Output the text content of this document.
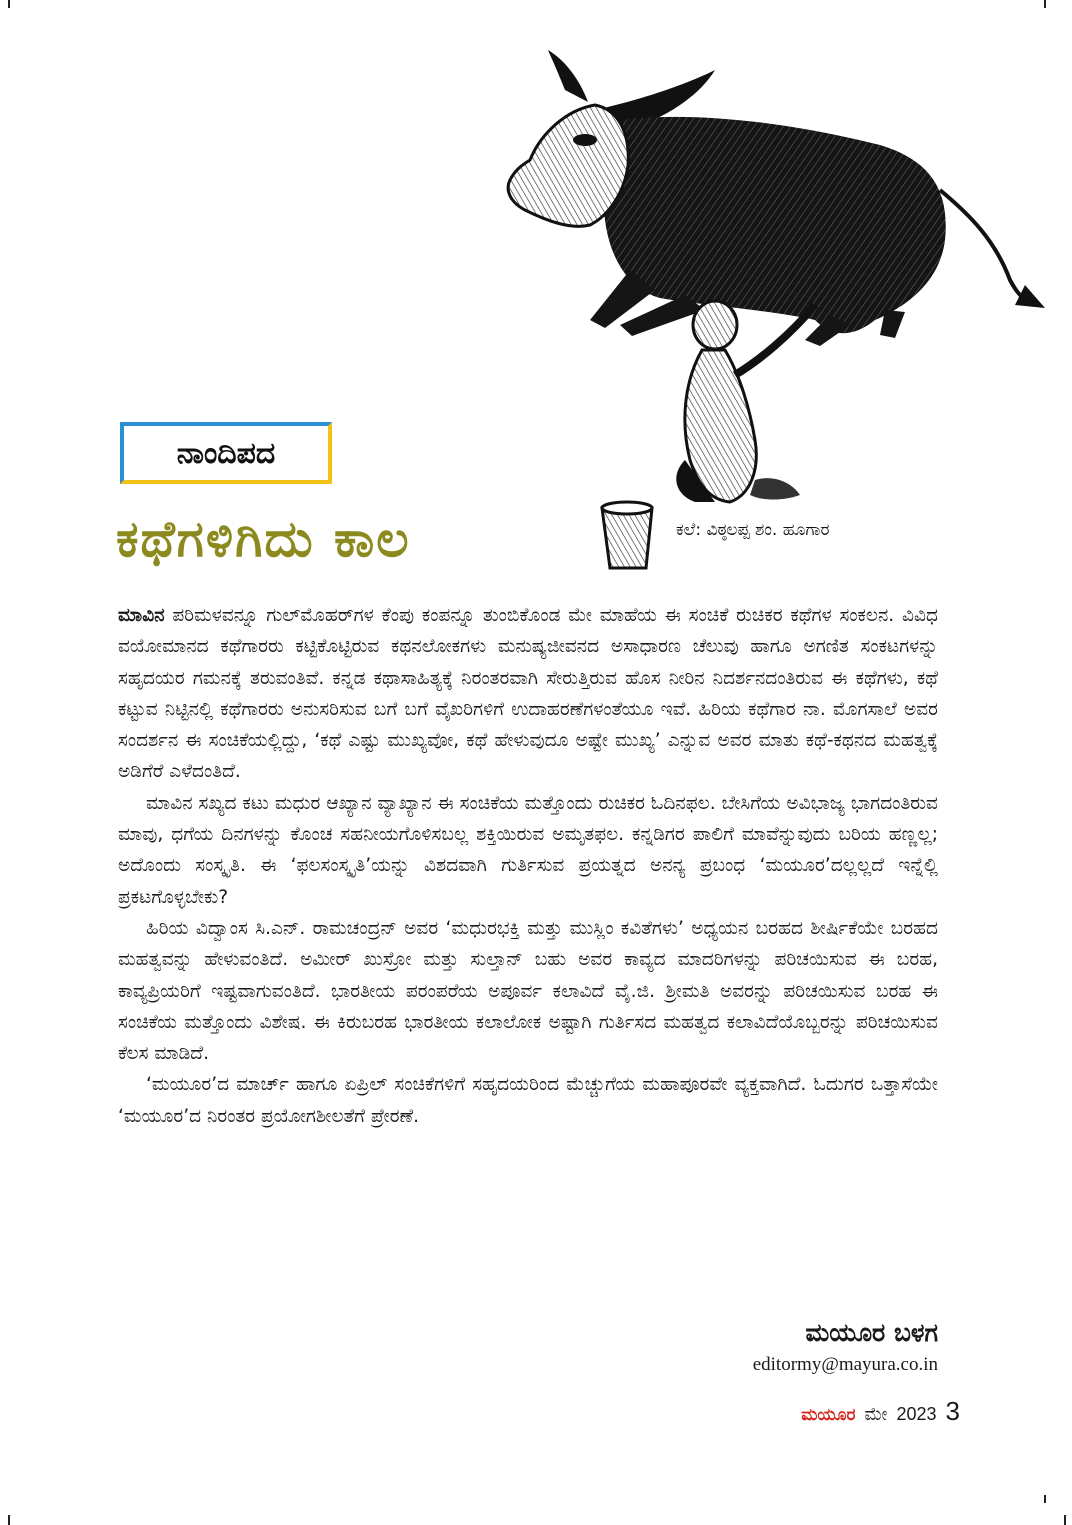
ಕಲೆ: ವಿಠ್ಠಲಪ್ಪ ಶಂ. ಹೂಗಾರ
ನಾಂದಿಪದ
ಕಥೆಗಳಿಗಿದು ಕಾಲ

ಮಾವಿನ ಪರಿಮಳವನ್ನೂ ಗುಲ್‌ಮೊಹರ್‌ಗಳ ಕೆಂಪು ಕಂಪನ್ನೂ ತುಂಬಿಕೊಂಡ ಮೇ ಮಾಹೆಯ ಈ ಸಂಚಿಕೆ ರುಚಿಕರ ಕಥೆಗಳ ಸಂಕಲನ. ವಿವಿಧ ವಯೋಮಾನದ ಕಥೆಗಾರರು ಕಟ್ಟಿಕೊಟ್ಟಿರುವ ಕಥನಲೋಕಗಳು ಮನುಷ್ಯಜೀವನದ ಅಸಾಧಾರಣ ಚೆಲುವು ಹಾಗೂ ಅಗಣಿತ ಸಂಕಟಗಳನ್ನು ಸಹೃದಯರ ಗಮನಕ್ಕೆ ತರುವಂತಿವೆ. ಕನ್ನಡ ಕಥಾಸಾಹಿತ್ಯಕ್ಕೆ ನಿರಂತರವಾಗಿ ಸೇರುತ್ತಿರುವ ಹೊಸ ನೀರಿನ ನಿದರ್ಶನದಂತಿರುವ ಈ ಕಥೆಗಳು, ಕಥೆ ಕಟ್ಟುವ ನಿಟ್ಟಿನಲ್ಲಿ ಕಥೆಗಾರರು ಅನುಸರಿಸುವ ಬಗೆ ಬಗೆ ವೈಖರಿಗಳಿಗೆ ಉದಾಹರಣೆಗಳಂತೆಯೂ ಇವೆ. ಹಿರಿಯ ಕಥೆಗಾರ ನಾ. ಮೊಗಸಾಲೆ ಅವರ ಸಂದರ್ಶನ ಈ ಸಂಚಿಕೆಯಲ್ಲಿದ್ದು, ‘ಕಥೆ ಎಷ್ಟು ಮುಖ್ಯವೋ, ಕಥೆ ಹೇಳುವುದೂ ಅಷ್ಟೇ ಮುಖ್ಯ’ ಎನ್ನುವ ಅವರ ಮಾತು ಕಥೆ-ಕಥನದ ಮಹತ್ವಕ್ಕೆ ಅಡಿಗೆರೆ ಎಳೆದಂತಿದೆ.

ಮಾವಿನ ಸಖ್ಯದ ಕಟು ಮಧುರ ಆಖ್ಯಾನ ವ್ಯಾಖ್ಯಾನ ಈ ಸಂಚಿಕೆಯ ಮತ್ತೊಂದು ರುಚಿಕರ ಓದಿನಫಲ. ಬೇಸಿಗೆಯ ಅವಿಭಾಜ್ಯ ಭಾಗದಂತಿರುವ ಮಾವು, ಧಗೆಯ ದಿನಗಳನ್ನು ಕೊಂಚ ಸಹನೀಯಗೊಳಿಸಬಲ್ಲ ಶಕ್ತಿಯಿರುವ ಅಮೃತಫಲ. ಕನ್ನಡಿಗರ ಪಾಲಿಗೆ ಮಾವೆನ್ನುವುದು ಬರಿಯ ಹಣ್ಣಲ್ಲ; ಅದೊಂದು ಸಂಸ್ಕೃತಿ. ಈ ‘ಫಲಸಂಸ್ಕೃತಿ’ಯನ್ನು ವಿಶದವಾಗಿ ಗುರ್ತಿಸುವ ಪ್ರಯತ್ನದ ಅನನ್ಯ ಪ್ರಬಂಧ ‘ಮಯೂರ’ದಲ್ಲಲ್ಲದೆ ಇನ್ನೆಲ್ಲಿ ಪ್ರಕಟಗೊಳ್ಳಬೇಕು?

ಹಿರಿಯ ವಿದ್ವಾಂಸ ಸಿ.ಎನ್. ರಾಮಚಂದ್ರನ್ ಅವರ ‘ಮಧುರಭಕ್ತಿ ಮತ್ತು ಮುಸ್ಲಿಂ ಕವಿತೆಗಳು’ ಅಧ್ಯಯನ ಬರಹದ ಶೀರ್ಷಿಕೆಯೇ ಬರಹದ ಮಹತ್ವವನ್ನು ಹೇಳುವಂತಿದೆ. ಅಮೀರ್ ಖುಸ್ರೋ ಮತ್ತು ಸುಲ್ತಾನ್ ಬಹು ಅವರ ಕಾವ್ಯದ ಮಾದರಿಗಳನ್ನು ಪರಿಚಯಿಸುವ ಈ ಬರಹ, ಕಾವ್ಯಪ್ರಿಯರಿಗೆ ಇಷ್ಟವಾಗುವಂತಿದೆ. ಭಾರತೀಯ ಪರಂಪರೆಯ ಅಪೂರ್ವ ಕಲಾವಿದೆ ವೈ.ಜಿ. ಶ್ರೀಮತಿ ಅವರನ್ನು ಪರಿಚಯಿಸುವ ಬರಹ ಈ ಸಂಚಿಕೆಯ ಮತ್ತೊಂದು ವಿಶೇಷ. ಈ ಕಿರುಬರಹ ಭಾರತೀಯ ಕಲಾಲೋಕ ಅಷ್ಟಾಗಿ ಗುರ್ತಿಸದ ಮಹತ್ವದ ಕಲಾವಿದೆಯೊಬ್ಬರನ್ನು ಪರಿಚಯಿಸುವ ಕೆಲಸ ಮಾಡಿದೆ.

‘ಮಯೂರ’ದ ಮಾರ್ಚ್ ಹಾಗೂ ಏಪ್ರಿಲ್ ಸಂಚಿಕೆಗಳಿಗೆ ಸಹೃದಯರಿಂದ ಮೆಚ್ಚುಗೆಯ ಮಹಾಪೂರವೇ ವ್ಯಕ್ತವಾಗಿದೆ. ಓದುಗರ ಒತ್ತಾಸೆಯೇ ‘ಮಯೂರ’ದ ನಿರಂತರ ಪ್ರಯೋಗಶೀಲತೆಗೆ ಪ್ರೇರಣೆ.

ಮಯೂರ ಬಳಗ
editormy@mayura.co.in
ಮಯೂರ ಮೇ 2023 3
